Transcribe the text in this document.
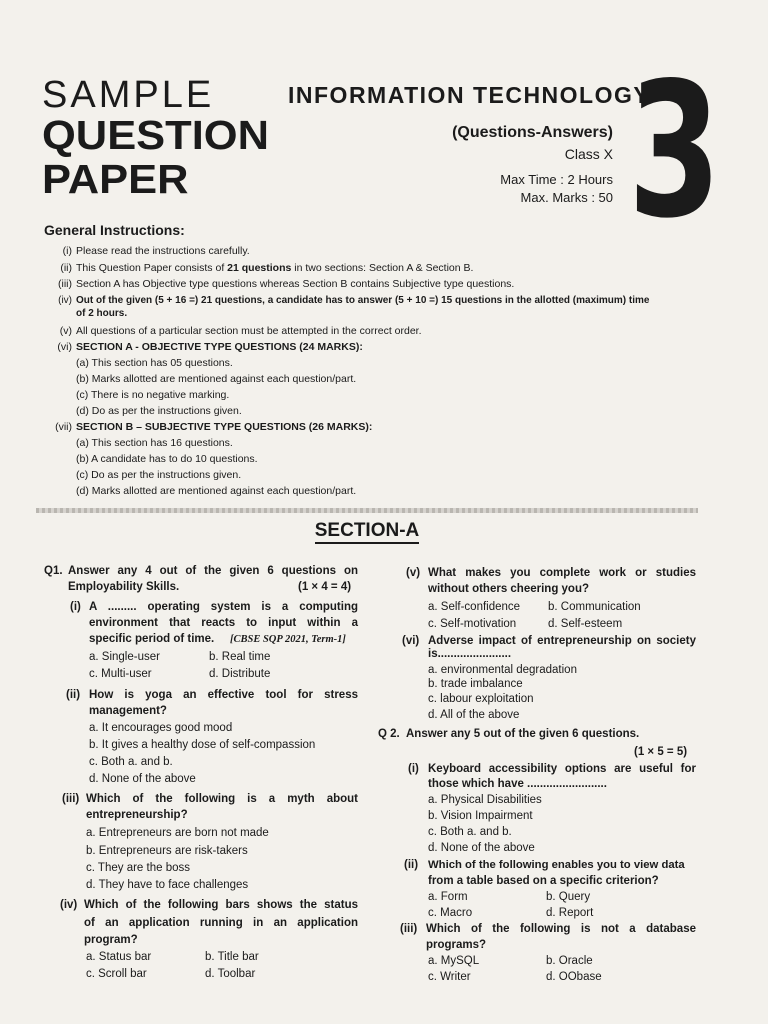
SAMPLE
QUESTION
PAPER
INFORMATION TECHNOLOGY
(Questions-Answers)
Class X
Max Time : 2 Hours
Max. Marks : 50 3
General Instructions:
(i) Please read the instructions carefully.
(ii) This Question Paper consists of 21 questions in two sections: Section A & Section B.
(iii) Section A has Objective type questions whereas Section B contains Subjective type questions.
(iv) Out of the given (5 + 16 =) 21 questions, a candidate has to answer (5 + 10 =) 15 questions in the allotted (maximum) time
of 2 hours.
(v) All questions of a particular section must be attempted in the correct order.
(vi) SECTION A - OBJECTIVE TYPE QUESTIONS (24 MARKS):
(a) This section has 05 questions.
(b) Marks allotted are mentioned against each question/part.
(c) There is no negative marking.
(d) Do as per the instructions given.
(vii) SECTION B – SUBJECTIVE TYPE QUESTIONS (26 MARKS):
(a) This section has 16 questions.
(b) A candidate has to do 10 questions.
(c) Do as per the instructions given.
(d) Marks allotted are mentioned against each question/part.
SECTION-A
Q1. Answer any 4 out of the given 6 questions on
Employability Skills.	(1 × 4 = 4)
(i) A ......... operating system is a computing
environment that reacts to input within a
specific period of time. [CBSE SQP 2021, Term-1]
a. Single-user	b. Real time
c. Multi-user	d. Distribute
(ii) How is yoga an effective tool for stress
management?
a. It encourages good mood
b. It gives a healthy dose of self-compassion
c. Both a. and b.
d. None of the above
(iii) Which of the following is a myth about
entrepreneurship?
a. Entrepreneurs are born not made
b. Entrepreneurs are risk-takers
c. They are the boss
d. They have to face challenges
(iv) Which of the following bars shows the status
of an application running in an application
program?
a. Status bar	b. Title bar
c. Scroll bar	d. Toolbar
(v) What makes you complete work or studies
without others cheering you?
a. Self-confidence b. Communication
c. Self-motivation	d. Self-esteem
(vi) Adverse impact of entrepreneurship on society
is.......................
a. environmental degradation
b. trade imbalance
c. labour exploitation
d. All of the above
Q 2. Answer any 5 out of the given 6 questions.
(1 × 5 = 5)
(i) Keyboard accessibility options are useful for
those which have .........................
a. Physical Disabilities
b. Vision Impairment
c. Both a. and b.
d. None of the above
(ii) Which of the following enables you to view data
from a table based on a specific criterion?
a. Form	b. Query
c. Macro	d. Report
(iii) Which of the following is not a database
programs?
a. MySQL	b. Oracle
c. Writer	d. OObase
